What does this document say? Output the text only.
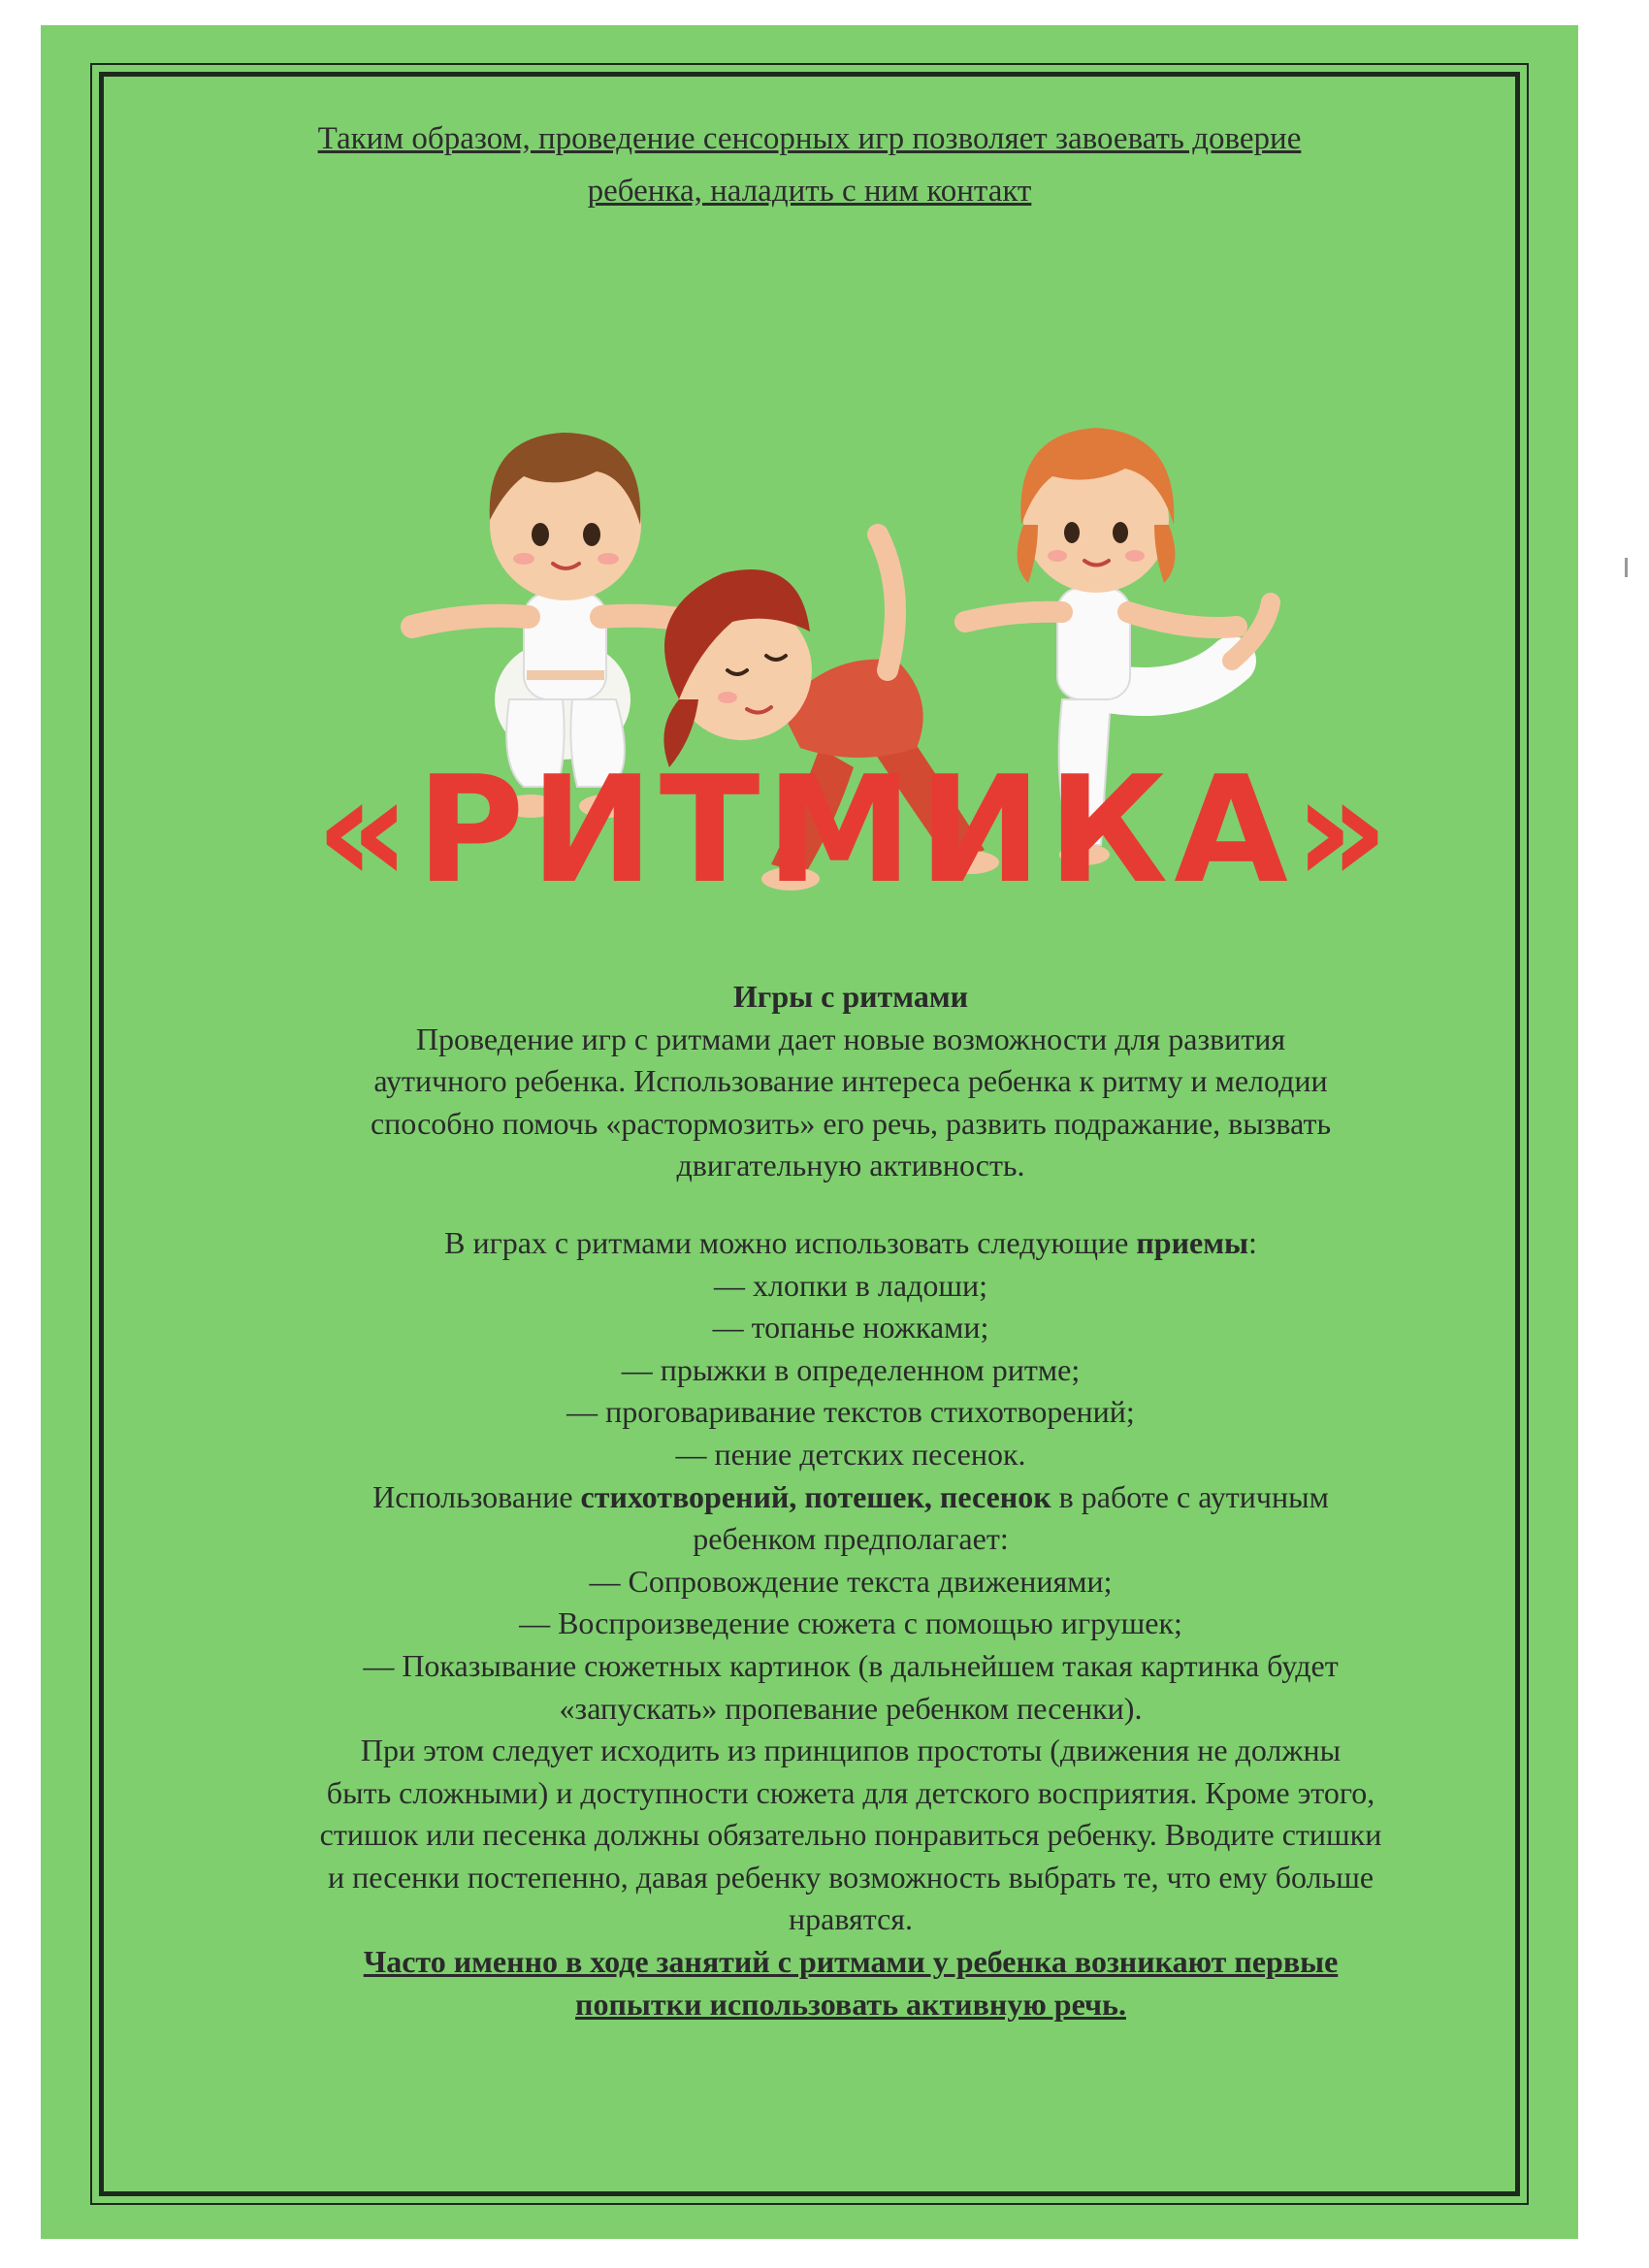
Таким образом, проведение сенсорных игр позволяет завоевать доверие
ребенка, наладить с ним контакт
«РИТМИКА»

Игры с ритмами

Проведение игр с ритмами дает новые возможности для развития

аутичного ребенка. Использование интереса ребенка к ритму и мелодии

способно помочь «растормозить» его речь, развить подражание, вызвать

двигательную активность.

В играх с ритмами можно использовать следующие приемы:

— хлопки в ладоши;

— топанье ножками;

— прыжки в определенном ритме;

— проговаривание текстов стихотворений;

— пение детских песенок.

Использование стихотворений, потешек, песенок в работе с аутичным

ребенком предполагает:

— Сопровождение текста движениями;

— Воспроизведение сюжета с помощью игрушек;

— Показывание сюжетных картинок (в дальнейшем такая картинка будет

«запускать» пропевание ребенком песенки).

При этом следует исходить из принципов простоты (движения не должны

быть сложными) и доступности сюжета для детского восприятия. Кроме этого,

стишок или песенка должны обязательно понравиться ребенку. Вводите стишки

и песенки постепенно, давая ребенку возможность выбрать те, что ему больше

нравятся.

Часто именно в ходе занятий с ритмами у ребенка возникают первые

попытки использовать активную речь.
